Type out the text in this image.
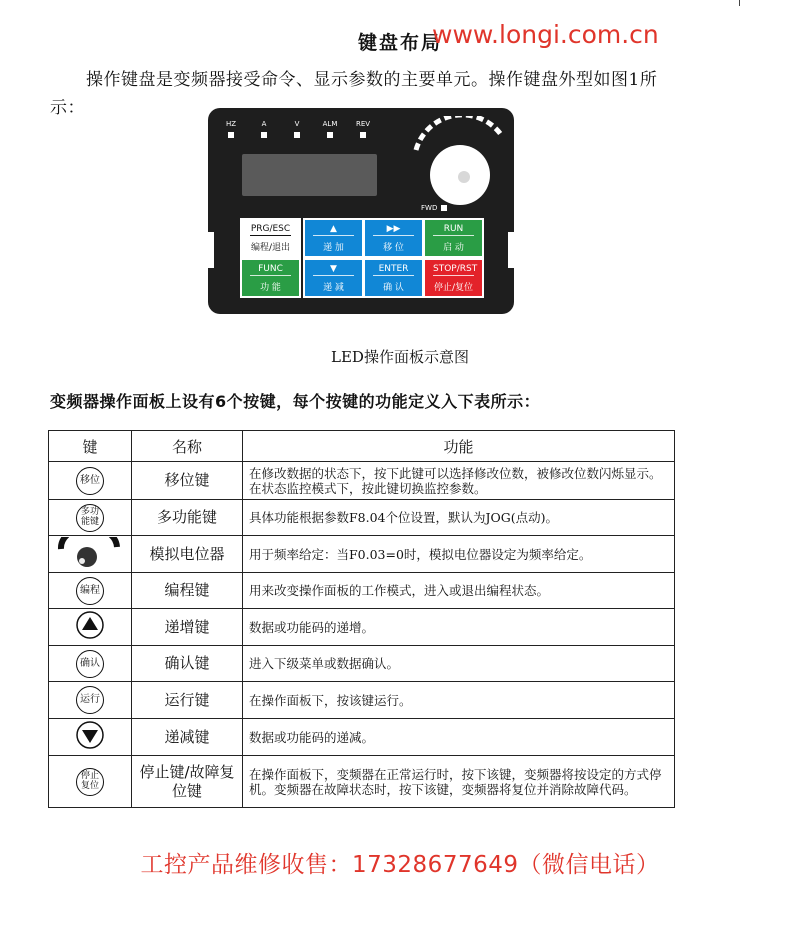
键盘布局
www.longi.com.cn
操作键盘是变频器接受命令、显示参数的主要单元。操作键盘外型如图1所示：
HZ	A	V	ALM	REV
FWD
PRG/ESC
编程/退出
▲
递 加
▶▶
移 位
RUN
启 动
FUNC
功 能
▼
递 减
ENTER
确 认
STOP/RST
停止/复位
LED操作面板示意图
变频器操作面板上设有6个按键，每个按键的功能定义入下表所示：
键	名称	功能
移位	移位键	在修改数据的状态下，按下此键可以选择修改位数，被修改位数闪烁显示。在状态监控模式下，按此键切换监控参数。
多功能键	多功能键	具体功能根据参数F8.04个位设置，默认为JOG(点动)。
	模拟电位器	用于频率给定：当F0.03=0时，模拟电位器设定为频率给定。
编程	编程键	用来改变操作面板的工作模式，进入或退出编程状态。
	递增键	数据或功能码的递增。
确认	确认键	进入下级菜单或数据确认。
运行	运行键	在操作面板下，按该键运行。
	递减键	数据或功能码的递减。
停止复位	停止键/故障复位键	在操作面板下，变频器在正常运行时，按下该键，变频器将按设定的方式停机。变频器在故障状态时，按下该键，变频器将复位并消除故障代码。
工控产品维修收售：17328677649（微信电话）
